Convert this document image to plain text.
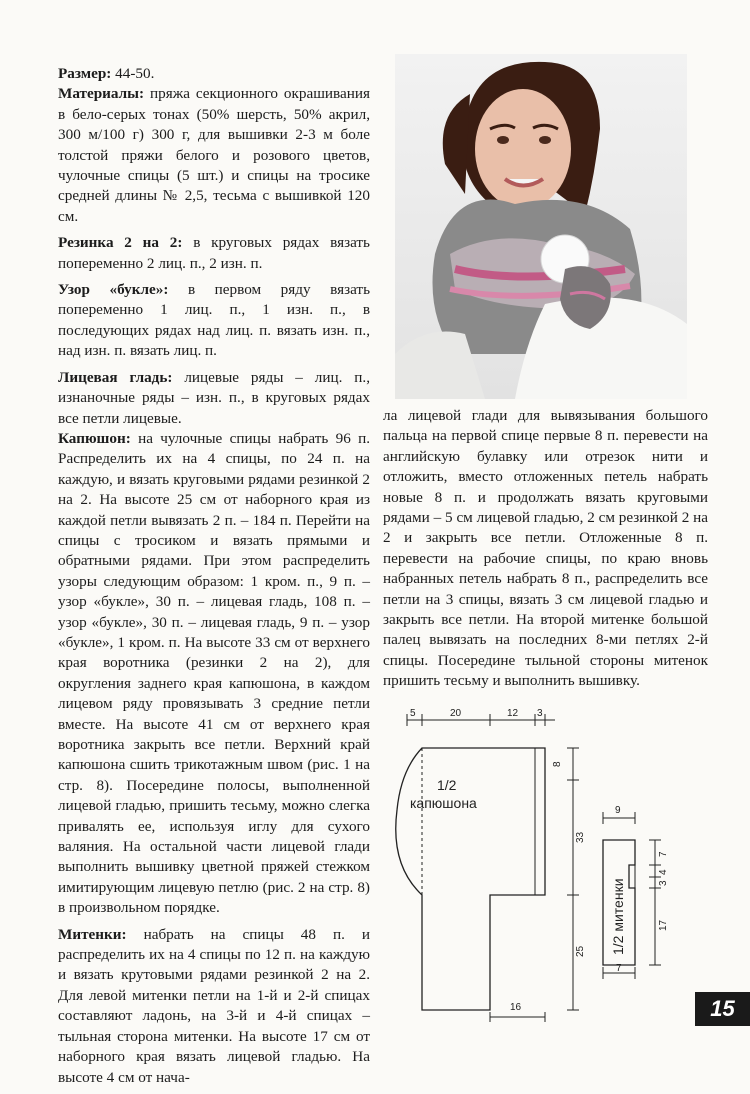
Размер: 44-50.

Материалы: пряжа секционного окрашивания в бело-серых тонах (50% шерсть, 50% акрил, 300 м/100 г) 300 г, для вышивки 2-3 м боле толстой пряжи белого и розового цветов, чулочные спицы (5 шт.) и спицы на тросике средней длины № 2,5, тесьма с вышивкой 120 см.

Резинка 2 на 2: в круговых рядах вязать попеременно 2 лиц. п., 2 изн. п.

Узор «букле»: в первом ряду вязать попеременно 1 лиц. п., 1 изн. п., в последующих рядах над лиц. п. вязать изн. п., над изн. п. вязать лиц. п.

Лицевая гладь: лицевые ряды – лиц. п., изнаночные ряды – изн. п., в круговых рядах все петли лицевые.

Капюшон: на чулочные спицы набрать 96 п. Распределить их на 4 спицы, по 24 п. на каждую, и вязать круговыми рядами резинкой 2 на 2. На высоте 25 см от наборного края из каждой петли вывязать 2 п. – 184 п. Перейти на спицы с тросиком и вязать прямыми и обратными рядами. При этом распределить узоры следующим образом: 1 кром. п., 9 п. – узор «букле», 30 п. – лицевая гладь, 108 п. – узор «букле», 30 п. – лицевая гладь, 9 п. – узор «букле», 1 кром. п. На высоте 33 см от верхнего края воротника (резинки 2 на 2), для округления заднего края капюшона, в каждом лицевом ряду провязывать 3 средние петли вместе. На высоте 41 см от верхнего края воротника закрыть все петли. Верхний край капюшона сшить трикотажным швом (рис. 1 на стр. 8). Посередине полосы, выполненной лицевой гладью, пришить тесьму, можно слегка привалять ее, используя иглу для сухого валяния. На остальной части лицевой глади выполнить вышивку цветной пряжей стежком имитирующим лицевую петлю (рис. 2 на стр. 8) в произвольном порядке.

Митенки: набрать на спицы 48 п. и распределить их на 4 спицы по 12 п. на каждую и вязать крутовыми рядами резинкой 2 на 2. Для левой митенки петли на 1-й и 2-й спицах составляют ладонь, на 3-й и 4-й спицах – тыльная сторона митенки. На высоте 17 см от наборного края вязать лицевой гладью. На высоте 4 см от нача-

ла лицевой глади для вывязывания большого пальца на первой спице первые 8 п. перевести на английскую булавку или отрезок нити и отложить, вместо отложенных петель набрать новые 8 п. и продолжать вязать круговыми рядами – 5 см лицевой гладью, 2 см резинкой 2 на 2 и закрыть все петли. Отложенные 8 п. перевести на рабочие спицы, по краю вновь набранных петель набрать 8 п., распределить все петли на 3 спицы, вязать 3 см лицевой гладью и закрыть все петли. На второй митенке большой палец вывязать на последних 8-ми петлях 2-й спицы. Посередине тыльной стороны митенок пришить тесьму и выполнить вышивку.

5	20	12 3
8
33
25
16
9
7
4
3
17
7
1/2
капюшона
1/2 митенки
15
